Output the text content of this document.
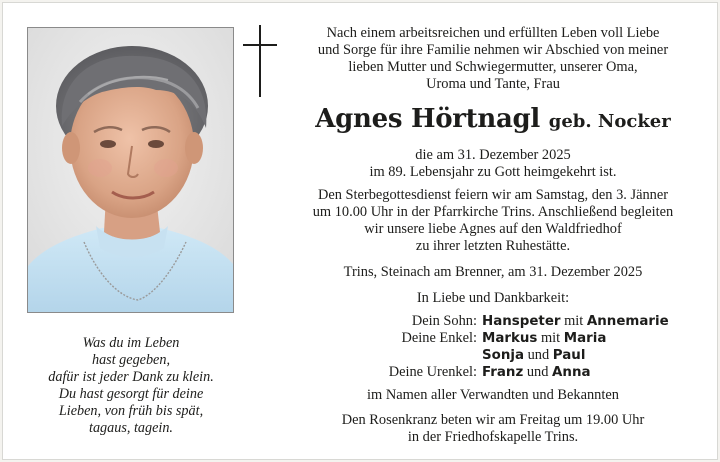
Was du im Leben
hast gegeben,
dafür ist jeder Dank zu klein.
Du hast gesorgt für deine
Lieben, von früh bis spät,
tagaus, tagein.
Nach einem arbeitsreichen und erfüllten Leben voll Liebe
und Sorge für ihre Familie nehmen wir Abschied von meiner
lieben Mutter und Schwiegermutter, unserer Oma,
Uroma und Tante, Frau
Agnes Hörtnagl geb. Nocker
die am 31. Dezember 2025
im 89. Lebensjahr zu Gott heimgekehrt ist.
Den Sterbegottesdienst feiern wir am Samstag, den 3. Jänner
um 10.00 Uhr in der Pfarrkirche Trins. Anschließend begleiten
wir unsere liebe Agnes auf den Waldfriedhof
zu ihrer letzten Ruhestätte.
Trins, Steinach am Brenner, am 31. Dezember 2025
In Liebe und Dankbarkeit:
Dein Sohn: Hanspeter mit Annemarie
Deine Enkel: Markus mit Maria
Sonja und Paul
Deine Urenkel: Franz und Anna
im Namen aller Verwandten und Bekannten
Den Rosenkranz beten wir am Freitag um 19.00 Uhr
in der Friedhofskapelle Trins.
